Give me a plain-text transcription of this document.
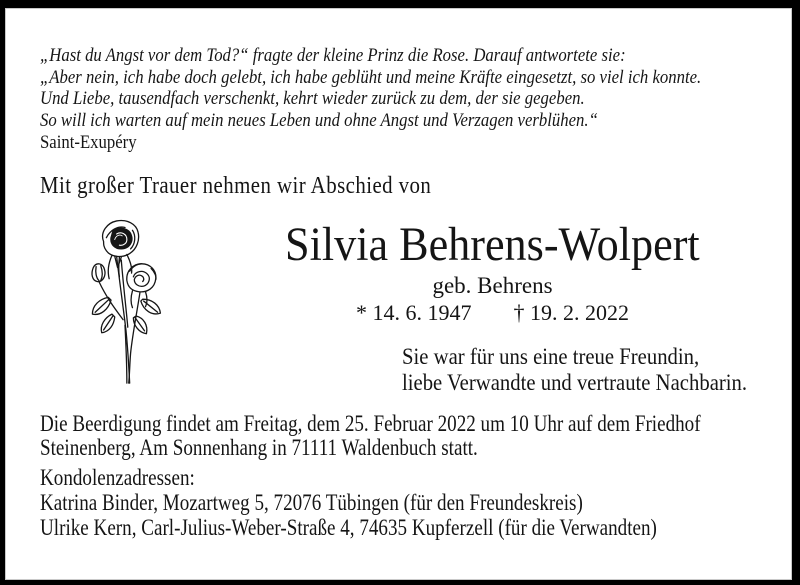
„Hast du Angst vor dem Tod?“ fragte der kleine Prinz die Rose. Darauf antwortete sie:
„Aber nein, ich habe doch gelebt, ich habe geblüht und meine Kräfte eingesetzt, so viel ich konnte.
Und Liebe, tausendfach verschenkt, kehrt wieder zurück zu dem, der sie gegeben.
So will ich warten auf mein neues Leben und ohne Angst und Verzagen verblühen.“
Saint-Exupéry
Mit großer Trauer nehmen wir Abschied von
Silvia Behrens-Wolpert
geb. Behrens
* 14. 6. 1947 † 19. 2. 2022
Sie war für uns eine treue Freundin,
liebe Verwandte und vertraute Nachbarin.
Die Beerdigung findet am Freitag, dem 25. Februar 2022 um 10 Uhr auf dem Friedhof
Steinenberg, Am Sonnenhang in 71111 Waldenbuch statt.
Kondolenzadressen:
Katrina Binder, Mozartweg 5, 72076 Tübingen (für den Freundeskreis)
Ulrike Kern, Carl-Julius-Weber-Straße 4, 74635 Kupferzell (für die Verwandten)
